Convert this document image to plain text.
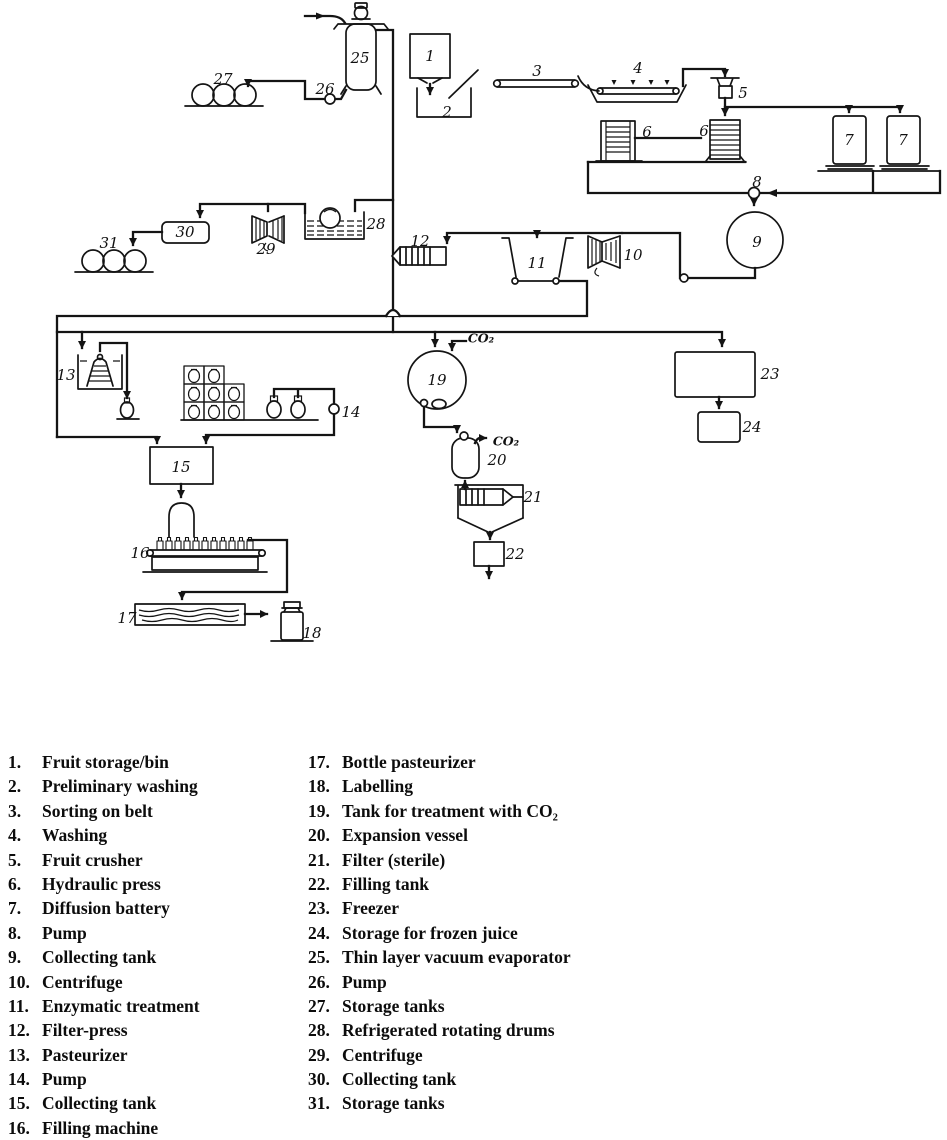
1
2
3	4
5
6	6	7	7
8
9
10
11
12
13
14
15
16
17
18
19
20
21
22
23
24
25
26
27
28
29
30
31
CO₂
CO₂
1.	Fruit storage/bin
2.	Preliminary washing
3.	Sorting on belt
4.	Washing
5.	Fruit crusher
6.	Hydraulic press
7.	Diffusion battery
8.	Pump
9.	Collecting tank
10. Centrifuge
11. Enzymatic treatment
12. Filter-press
13. Pasteurizer
14. Pump
15. Collecting tank
16. Filling machine
17. Bottle pasteurizer
18. Labelling
19. Tank for treatment with CO₂
20. Expansion vessel
21. Filter (sterile)
22. Filling tank
23. Freezer
24. Storage for frozen juice
25. Thin layer vacuum evaporator
26. Pump
27. Storage tanks
28. Refrigerated rotating drums
29. Centrifuge
30. Collecting tank
31. Storage tanks
